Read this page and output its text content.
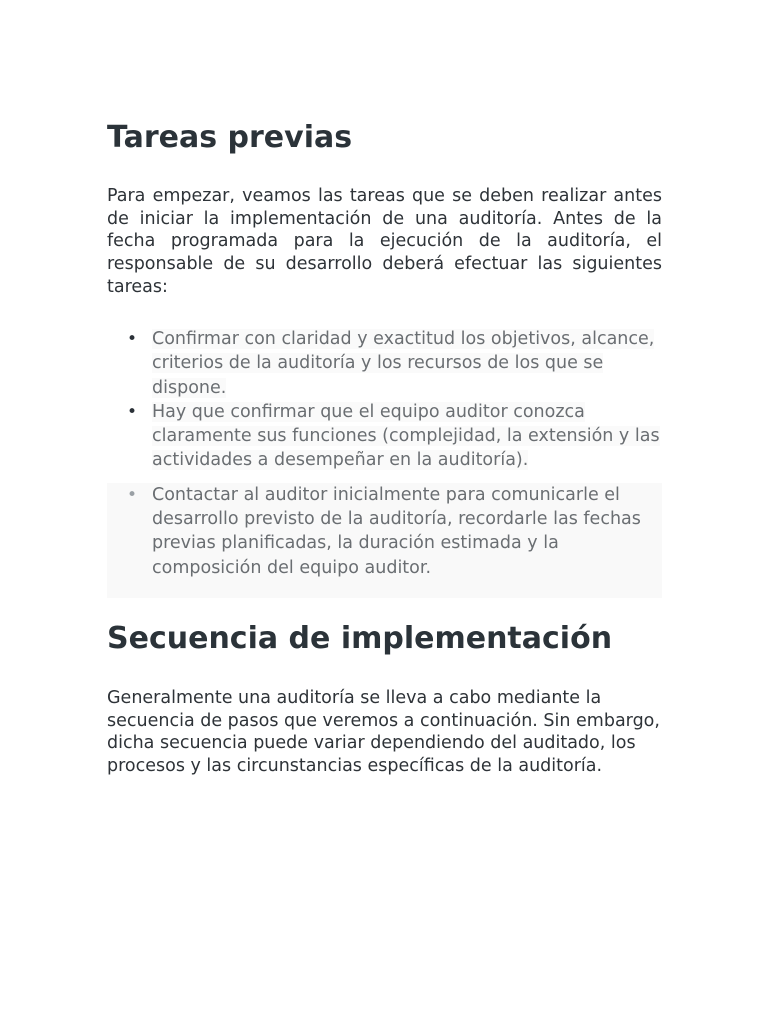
Tareas previas

Para empezar, veamos las tareas que se deben realizar antes de iniciar la implementación de una auditoría. Antes de la fecha programada para la ejecución de la auditoría, el responsable de su desarrollo deberá efectuar las siguientes tareas:

• Confirmar con claridad y exactitud los objetivos, alcance, criterios de la auditoría y los recursos de los que se dispone.
• Hay que confirmar que el equipo auditor conozca claramente sus funciones (complejidad, la extensión y las actividades a desempeñar en la auditoría).
• Contactar al auditor inicialmente para comunicarle el desarrollo previsto de la auditoría, recordarle las fechas previas planificadas, la duración estimada y la composición del equipo auditor.
Secuencia de implementación

Generalmente una auditoría se lleva a cabo mediante la secuencia de pasos que veremos a continuación. Sin embargo, dicha secuencia puede variar dependiendo del auditado, los procesos y las circunstancias específicas de la auditoría.
